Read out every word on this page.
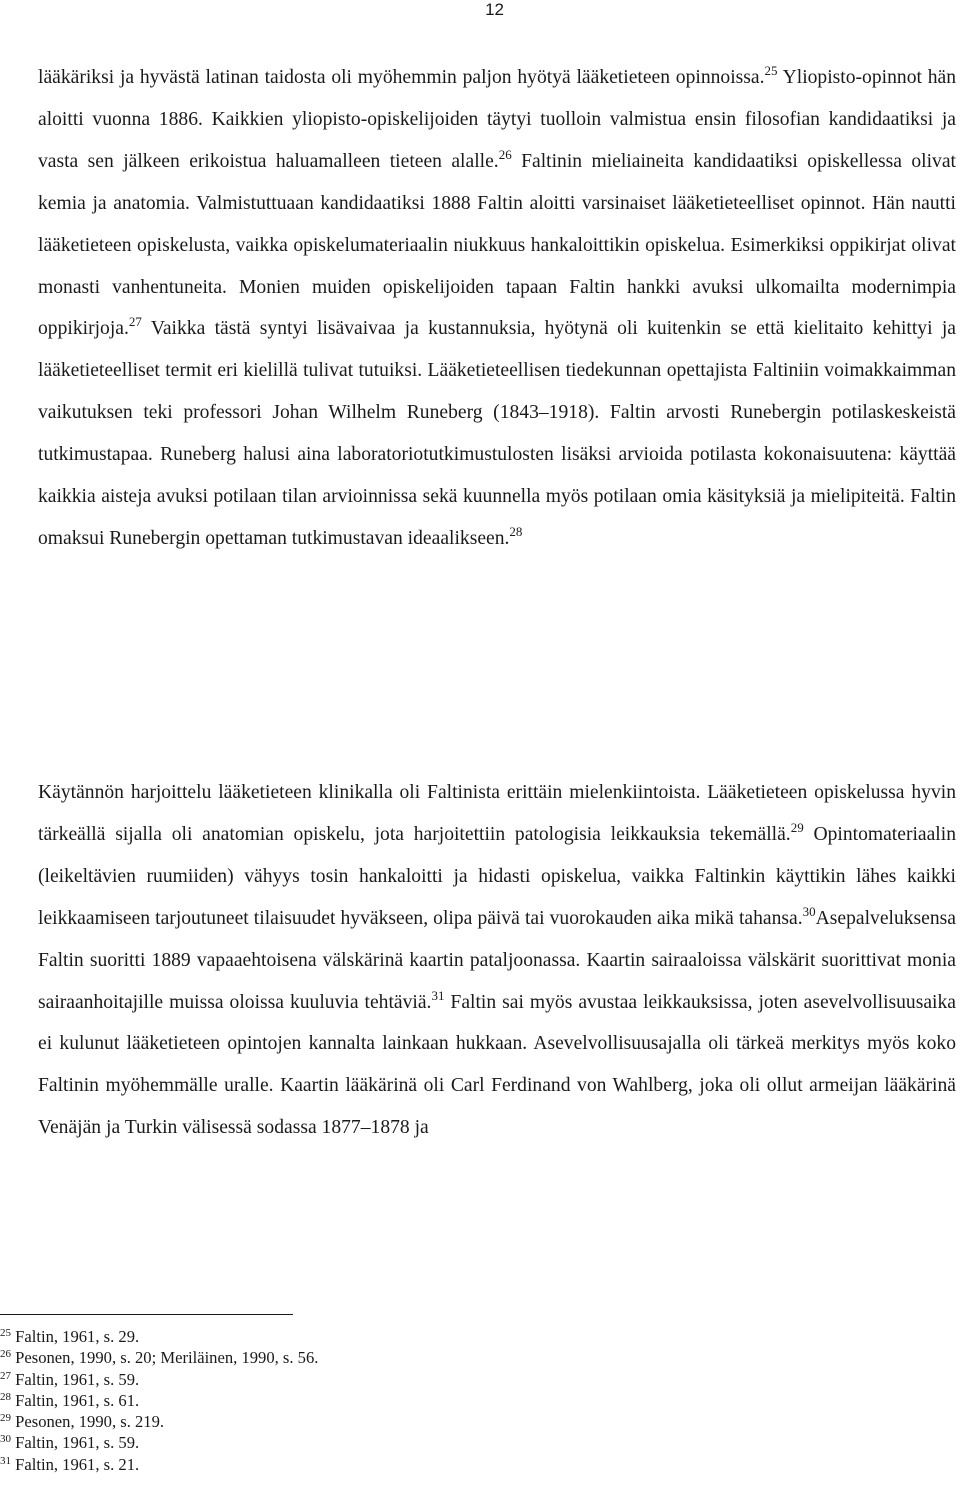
12

lääkäriksi ja hyvästä latinan taidosta oli myöhemmin paljon hyötyä lääketieteen opinnoissa.$^{25}$ Yliopisto-opinnot hän aloitti vuonna 1886. Kaikkien yliopisto-opiskelijoiden täytyi tuolloin valmistua ensin filosofian kandidaatiksi ja vasta sen jälkeen erikoistua haluamalleen tieteen alalle.$^{26}$ Faltinin mieliaineita kandidaatiksi opiskellessa olivat kemia ja anatomia. Valmistuttuaan kandidaatiksi 1888 Faltin aloitti varsinaiset lääketieteelliset opinnot. Hän nautti lääketieteen opiskelusta, vaikka opiskelumateriaalin niukkuus hankaloittikin opiskelua. Esimerkiksi oppikirjat olivat monasti vanhentuneita. Monien muiden opiskelijoiden tapaan Faltin hankki avuksi ulkomailta modernimpia oppikirjoja.$^{27}$ Vaikka tästä syntyi lisävaivaa ja kustannuksia, hyötynä oli kuitenkin se että kielitaito kehittyi ja lääketieteelliset termit eri kielillä tulivat tutuiksi. Lääketieteellisen tiedekunnan opettajista Faltiniin voimakkaimman vaikutuksen teki professori Johan Wilhelm Runeberg (1843–1918). Faltin arvosti Runebergin potilaskeskeistä tutkimustapaa. Runeberg halusi aina laboratoriotutkimustulosten lisäksi arvioida potilasta kokonaisuutena: käyttää kaikkia aisteja avuksi potilaan tilan arvioinnissa sekä kuunnella myös potilaan omia käsityksiä ja mielipiteitä. Faltin omaksui Runebergin opettaman tutkimustavan ideaalikseen.$^{28}$

Käytännön harjoittelu lääketieteen klinikalla oli Faltinista erittäin mielenkiintoista. Lääketieteen opiskelussa hyvin tärkeällä sijalla oli anatomian opiskelu, jota harjoitettiin patologisia leikkauksia tekemällä.$^{29}$ Opintomateriaalin (leikeltävien ruumiiden) vähyys tosin hankaloitti ja hidasti opiskelua, vaikka Faltinkin käyttikin lähes kaikki leikkaamiseen tarjoutuneet tilaisuudet hyväkseen, olipa päivä tai vuorokauden aika mikä tahansa.$^{30}$Asepalveluksensa Faltin suoritti 1889 vapaaehtoisena välskärinä kaartin pataljoonassa. Kaartin sairaaloissa välskärit suorittivat monia sairaanhoitajille muissa oloissa kuuluvia tehtäviä.$^{31}$ Faltin sai myös avustaa leikkauksissa, joten asevelvollisuusaika ei kulunut lääketieteen opintojen kannalta lainkaan hukkaan. Asevelvollisuusajalla oli tärkeä merkitys myös koko Faltinin myöhemmälle uralle. Kaartin lääkärinä oli Carl Ferdinand von Wahlberg, joka oli ollut armeijan lääkärinä Venäjän ja Turkin välisessä sodassa 1877–1878 ja

$^{25}$ Faltin, 1961, s. 29.
$^{26}$ Pesonen, 1990, s. 20; Meriläinen, 1990, s. 56.
$^{27}$ Faltin, 1961, s. 59.
$^{28}$ Faltin, 1961, s. 61.
$^{29}$ Pesonen, 1990, s. 219.
$^{30}$ Faltin, 1961, s. 59.
$^{31}$ Faltin, 1961, s. 21.
